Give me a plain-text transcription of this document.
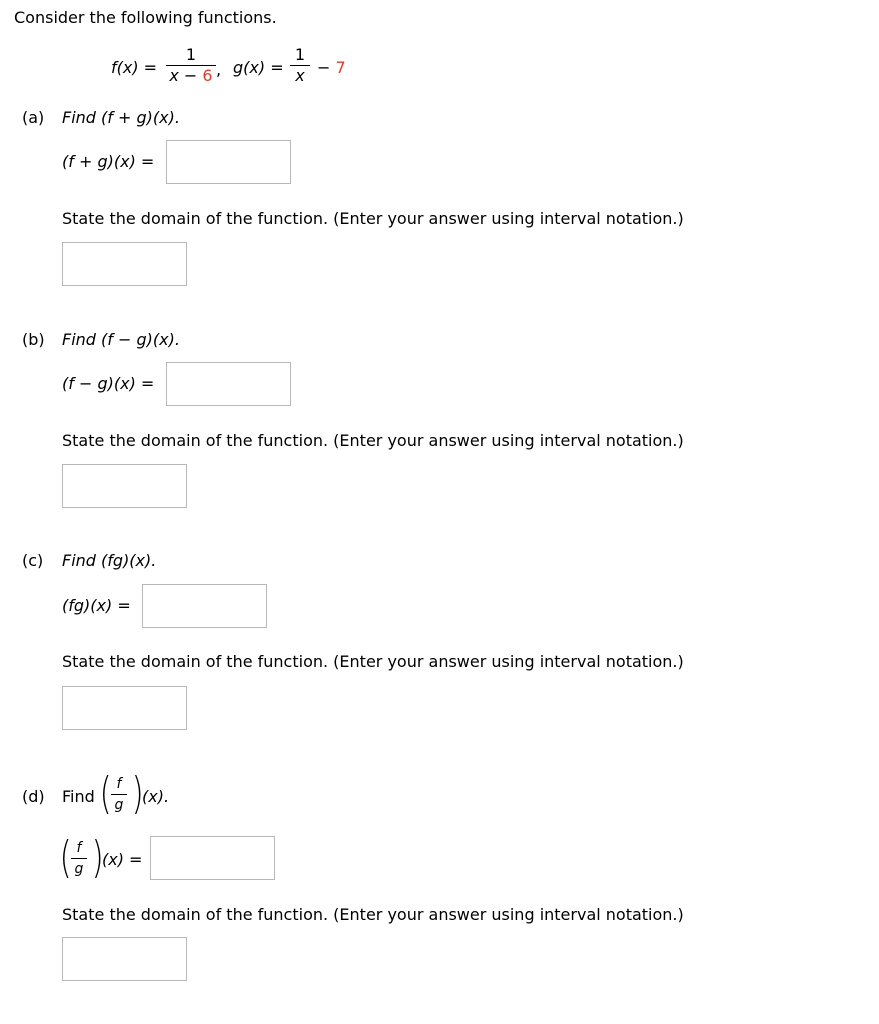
Consider the following functions.
f(x) =
1
x − 6 , g(x) =
1
x − 7
(a) Find (f + g)(x).
(f + g)(x) =
State the domain of the function. (Enter your answer using interval notation.)
(b) Find (f − g)(x).
(f − g)(x) =
State the domain of the function. (Enter your answer using interval notation.)
(c) Find (fg)(x).
(fg)(x) =
State the domain of the function. (Enter your answer using interval notation.)
(d) Find ( f
g )
(x).
( f
g )
(x) =
State the domain of the function. (Enter your answer using interval notation.)
